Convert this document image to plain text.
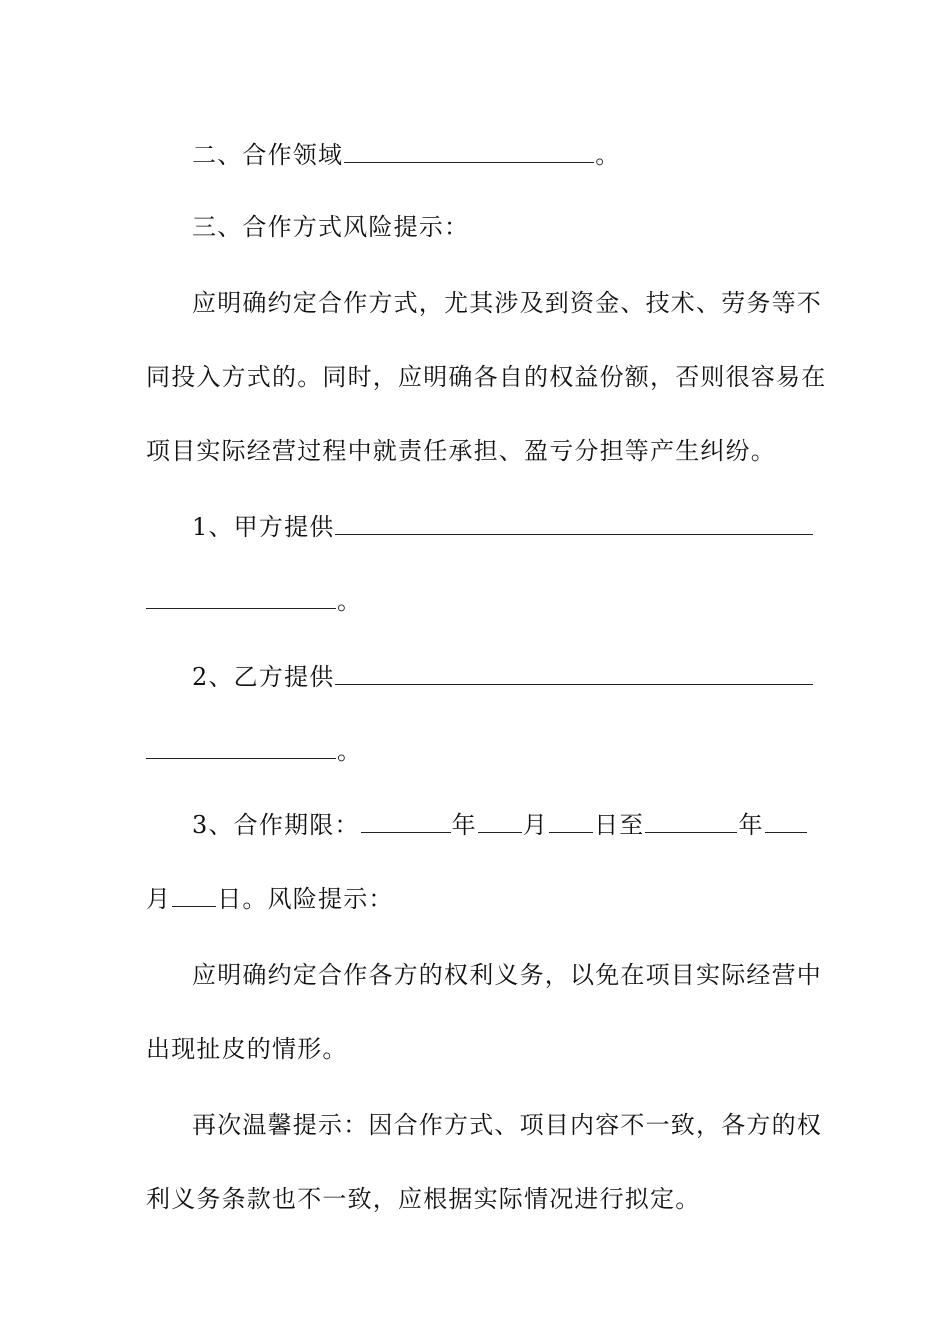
二、合作领域	。
三、合作方式风险提示：
应明确约定合作方式，尤其涉及到资金、技术、劳务等不
同投入方式的。同时，应明确各自的权益份额，否则很容易在
项目实际经营过程中就责任承担、盈亏分担等产生纠纷。
1、甲方提供
。
2、乙方提供
。
3、合作期限：	年 月 日至	年
月 日。风险提示：
应明确约定合作各方的权利义务，以免在项目实际经营中
出现扯皮的情形。
再次温馨提示：因合作方式、项目内容不一致，各方的权
利义务条款也不一致，应根据实际情况进行拟定。
